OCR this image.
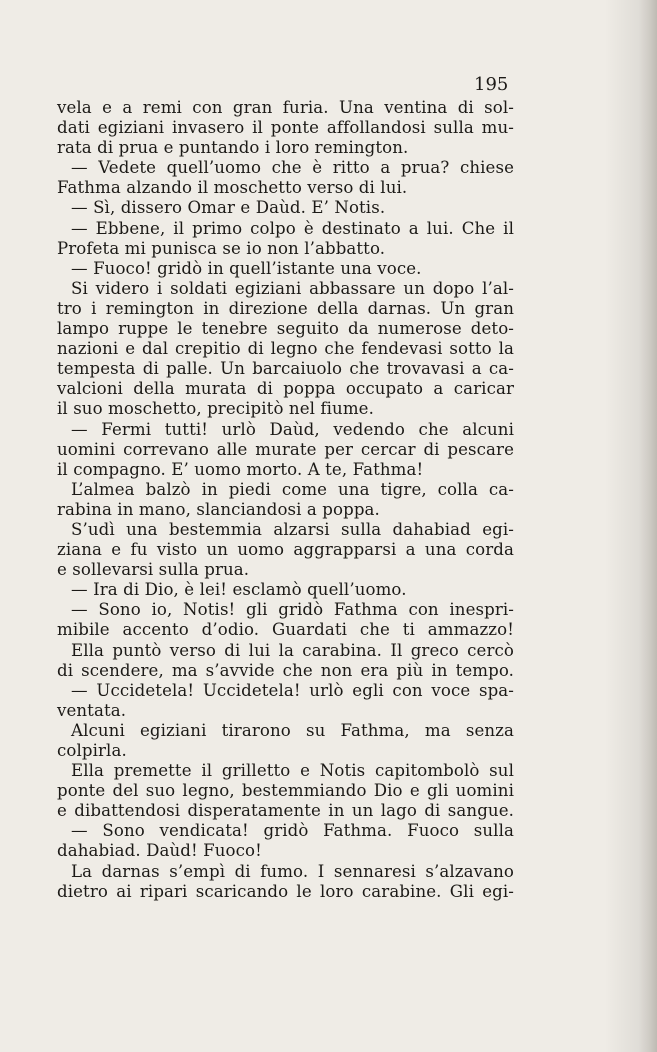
195
vela e a remi con gran furia. Una ventina di sol-
dati egiziani invasero il ponte affollandosi sulla mu-
rata di prua e puntando i loro remington.
— Vedete quell’uomo che è ritto a prua? chiese
Fathma alzando il moschetto verso di lui.
— Sì, dissero Omar e Daùd. E’ Notis.
— Ebbene, il primo colpo è destinato a lui. Che il
Profeta mi punisca se io non l’abbatto.
— Fuoco! gridò in quell’istante una voce.
Si videro i soldati egiziani abbassare un dopo l’al-
tro i remington in direzione della darnas. Un gran
lampo ruppe le tenebre seguito da numerose deto-
nazioni e dal crepitio di legno che fendevasi sotto la
tempesta di palle. Un barcaiuolo che trovavasi a ca-
valcioni della murata di poppa occupato a caricar
il suo moschetto, precipitò nel fiume.
— Fermi tutti! urlò Daùd, vedendo che alcuni
uomini correvano alle murate per cercar di pescare
il compagno. E’ uomo morto. A te, Fathma!
L’almea balzò in piedi come una tigre, colla ca-
rabina in mano, slanciandosi a poppa.
S’udì una bestemmia alzarsi sulla dahabiad egi-
ziana e fu visto un uomo aggrapparsi a una corda
e sollevarsi sulla prua.
— Ira di Dio, è lei! esclamò quell’uomo.
— Sono io, Notis! gli gridò Fathma con inespri-
mibile accento d’odio. Guardati che ti ammazzo!
Ella puntò verso di lui la carabina. Il greco cercò
di scendere, ma s’avvide che non era più in tempo.
— Uccidetela! Uccidetela! urlò egli con voce spa-
ventata.
Alcuni egiziani tirarono su Fathma, ma senza
colpirla.
Ella premette il grilletto e Notis capitombolò sul
ponte del suo legno, bestemmiando Dio e gli uomini
e dibattendosi disperatamente in un lago di sangue.
— Sono vendicata! gridò Fathma. Fuoco sulla
dahabiad. Daùd! Fuoco!
La darnas s’empì di fumo. I sennaresi s’alzavano
dietro ai ripari scaricando le loro carabine. Gli egi-
